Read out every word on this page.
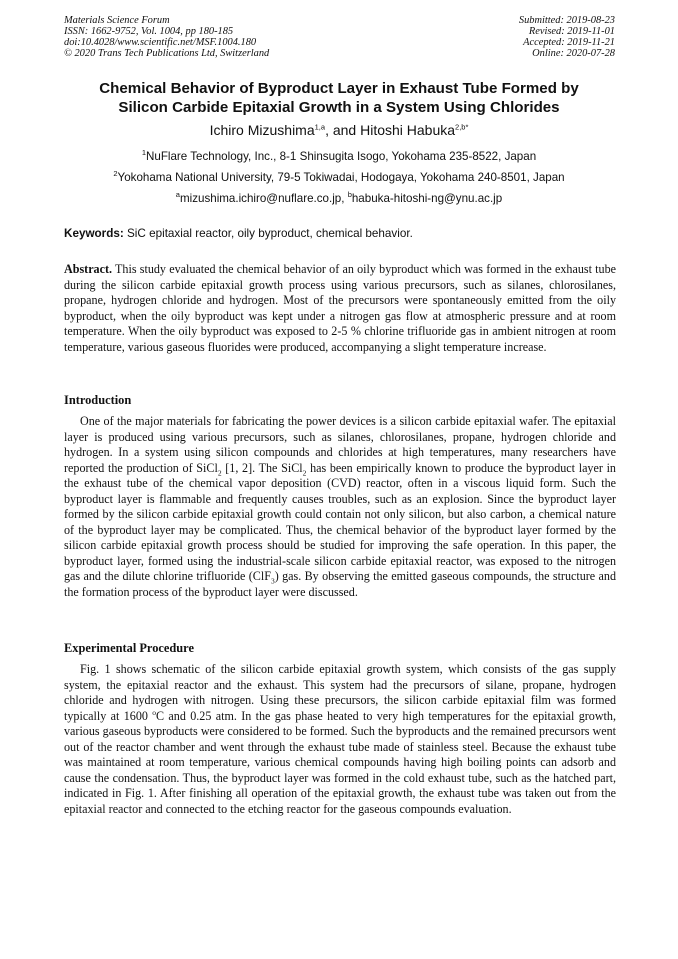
Materials Science Forum
ISSN: 1662-9752, Vol. 1004, pp 180-185
doi:10.4028/www.scientific.net/MSF.1004.180
© 2020 Trans Tech Publications Ltd, Switzerland
Submitted: 2019-08-23
Revised: 2019-11-01
Accepted: 2019-11-21
Online: 2020-07-28
Chemical Behavior of Byproduct Layer in Exhaust Tube Formed by
Silicon Carbide Epitaxial Growth in a System Using Chlorides
Ichiro Mizushima$^{1,a}$, and Hitoshi Habuka$^{2,b*}$
$^1$NuFlare Technology, Inc., 8-1 Shinsugita Isogo, Yokohama 235-8522, Japan
$^2$Yokohama National University, 79-5 Tokiwadai, Hodogaya, Yokohama 240-8501, Japan
$^a$mizushima.ichiro@nuflare.co.jp, $^b$habuka-hitoshi-ng@ynu.ac.jp
Keywords: SiC epitaxial reactor, oily byproduct, chemical behavior.
Abstract. This study evaluated the chemical behavior of an oily byproduct which was formed in the exhaust tube during the silicon carbide epitaxial growth process using various precursors, such as silanes, chlorosilanes, propane, hydrogen chloride and hydrogen. Most of the precursors were spontaneously emitted from the oily byproduct, when the oily byproduct was kept under a nitrogen gas flow at atmospheric pressure and at room temperature. When the oily byproduct was exposed to 2-5 % chlorine trifluoride gas in ambient nitrogen at room temperature, various gaseous fluorides were produced, accompanying a slight temperature increase.
Introduction
One of the major materials for fabricating the power devices is a silicon carbide epitaxial wafer. The epitaxial layer is produced using various precursors, such as silanes, chlorosilanes, propane, hydrogen chloride and hydrogen. In a system using silicon compounds and chlorides at high temperatures, many researchers have reported the production of SiCl$_2$ [1, 2]. The SiCl$_2$ has been empirically known to produce the byproduct layer in the exhaust tube of the chemical vapor deposition (CVD) reactor, often in a viscous liquid form. Such the byproduct layer is flammable and frequently causes troubles, such as an explosion. Since the byproduct layer formed by the silicon carbide epitaxial growth could contain not only silicon, but also carbon, a chemical nature of the byproduct layer may be complicated. Thus, the chemical behavior of the byproduct layer formed by the silicon carbide epitaxial growth process should be studied for improving the safe operation. In this paper, the byproduct layer, formed using the industrial-scale silicon carbide epitaxial reactor, was exposed to the nitrogen gas and the dilute chlorine trifluoride (ClF$_3$) gas. By observing the emitted gaseous compounds, the structure and the formation process of the byproduct layer were discussed.
Experimental Procedure
Fig. 1 shows schematic of the silicon carbide epitaxial growth system, which consists of the gas supply system, the epitaxial reactor and the exhaust. This system had the precursors of silane, propane, hydrogen chloride and hydrogen with nitrogen. Using these precursors, the silicon carbide epitaxial film was formed typically at 1600 $^o$C and 0.25 atm. In the gas phase heated to very high temperatures for the epitaxial growth, various gaseous byproducts were considered to be formed. Such the byproducts and the remained precursors went out of the reactor chamber and went through the exhaust tube made of stainless steel. Because the exhaust tube was maintained at room temperature, various chemical compounds having high boiling points can adsorb and cause the condensation. Thus, the byproduct layer was formed in the cold exhaust tube, such as the hatched part, indicated in Fig. 1. After finishing all operation of the epitaxial growth, the exhaust tube was taken out from the epitaxial reactor and connected to the etching reactor for the gaseous compounds evaluation.
